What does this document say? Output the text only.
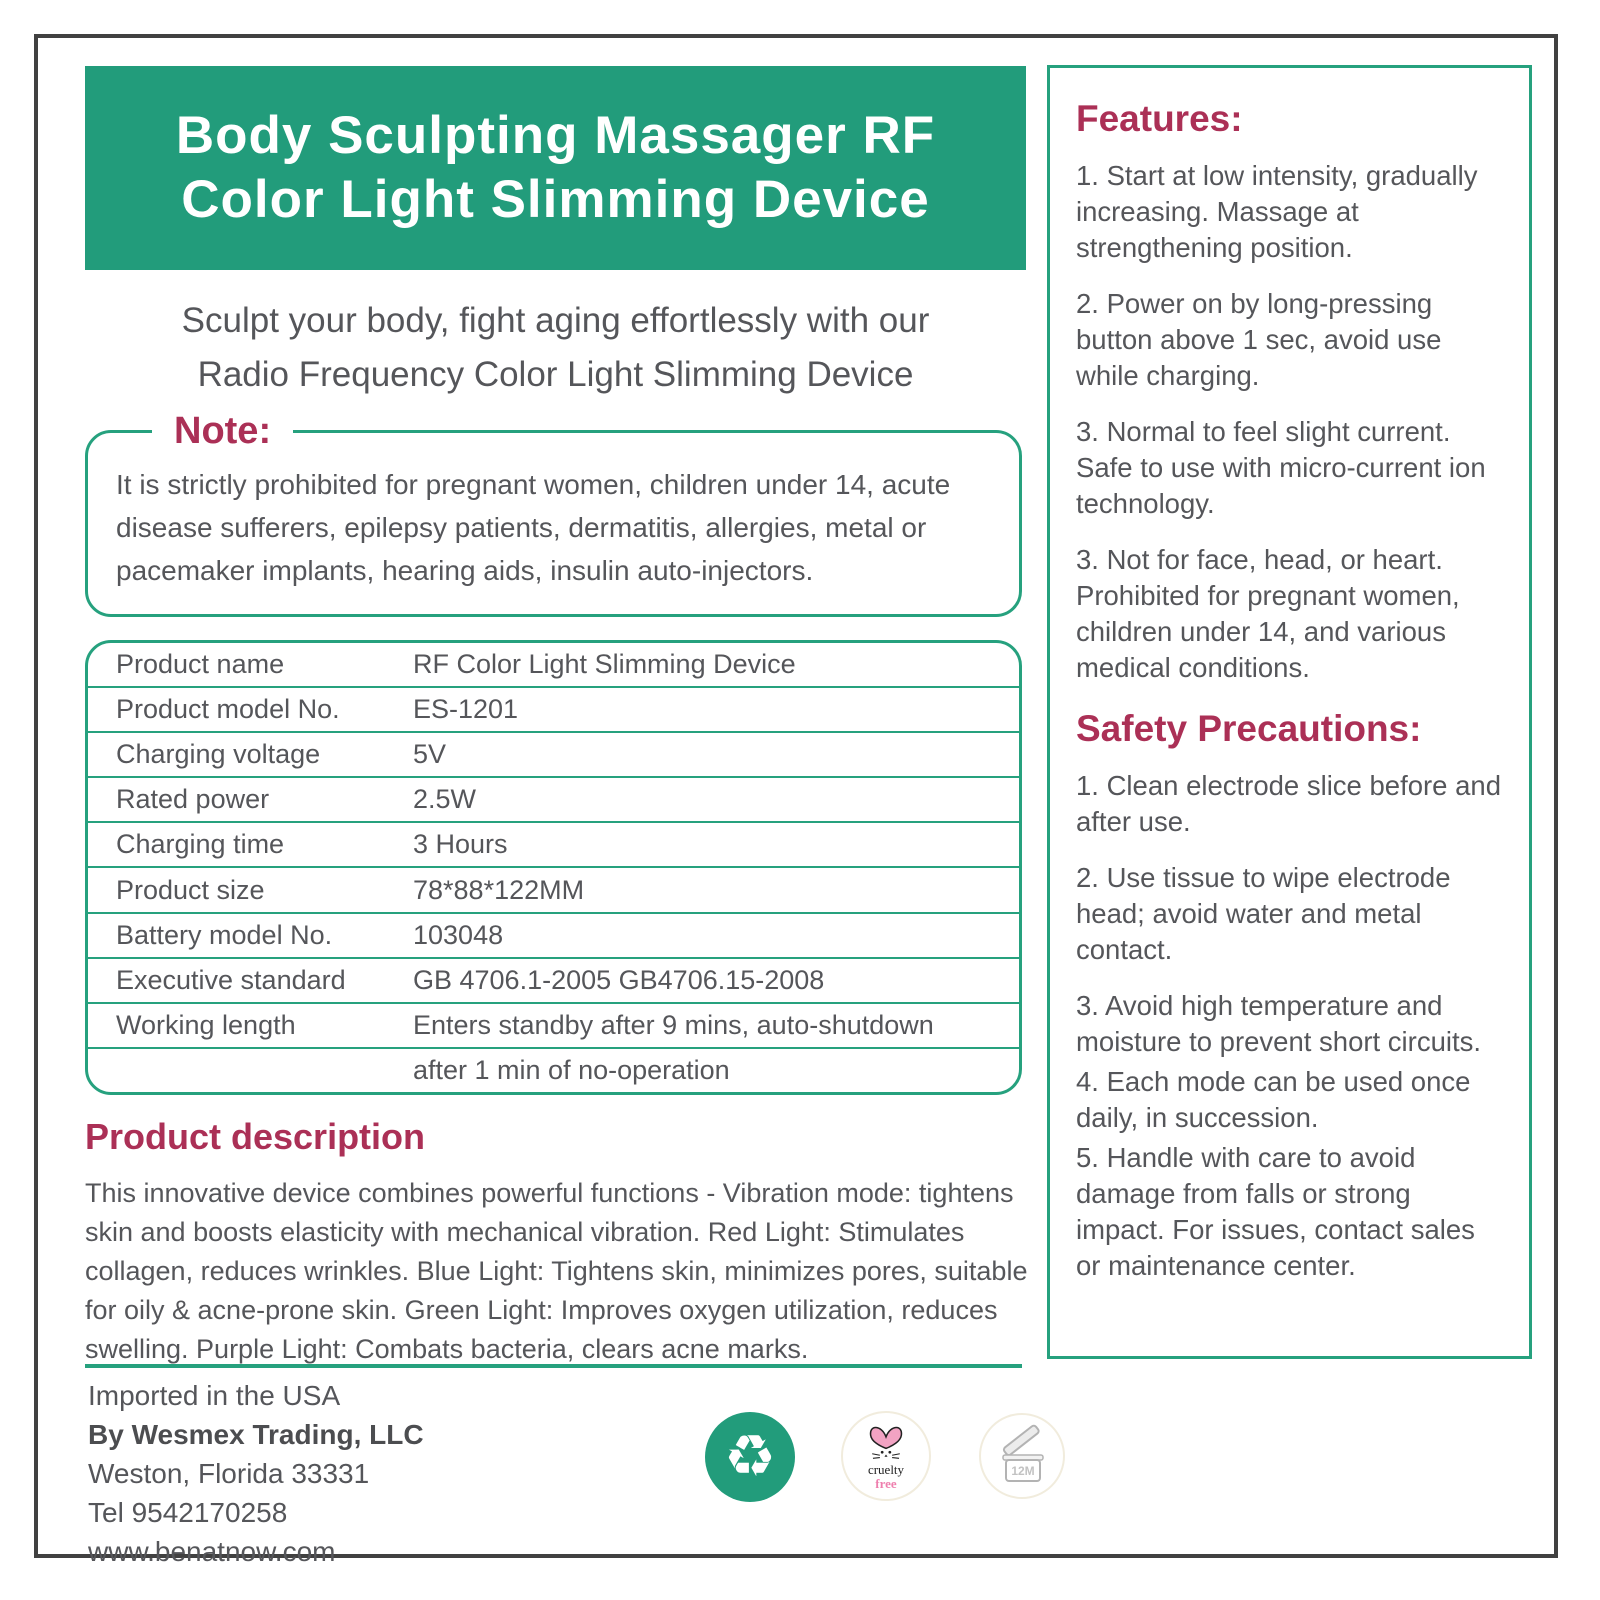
Body Sculpting Massager RF
Color Light Slimming Device
Sculpt your body, fight aging effortlessly with our
Radio Frequency Color Light Slimming Device
Note:

It is strictly prohibited for pregnant women, children under 14, acute disease sufferers, epilepsy patients, dermatitis, allergies, metal or pacemaker implants, hearing aids, insulin auto-injectors.

Product name	RF Color Light Slimming Device
Product model No.	ES-1201
Charging voltage	5V
Rated power	2.5W
Charging time	3 Hours
Product size	78*88*122MM
Battery model No.	103048
Executive standard	GB 4706.1-2005 GB4706.15-2008
Working length	Enters standby after 9 mins, auto-shutdown
after 1 min of no-operation
Product description

This innovative device combines powerful functions - Vibration mode: tightens skin and boosts elasticity with mechanical vibration. Red Light: Stimulates collagen, reduces wrinkles. Blue Light: Tightens skin, minimizes pores, suitable for oily & acne-prone skin. Green Light: Improves oxygen utilization, reduces swelling. Purple Light: Combats bacteria, clears acne marks.

Imported in the USA
By Wesmex Trading, LLC
Weston, Florida 33331
Tel 9542170258
www.benatnow.com
♻	cruelty
free
12M
Features:

1. Start at low intensity, gradually increasing. Massage at strengthening position.

2. Power on by long-pressing button above 1 sec, avoid use while charging.

3. Normal to feel slight current. Safe to use with micro-current ion technology.

3. Not for face, head, or heart. Prohibited for pregnant women, children under 14, and various medical conditions.

Safety Precautions:

1. Clean electrode slice before and after use.

2. Use tissue to wipe electrode head; avoid water and metal contact.

3. Avoid high temperature and moisture to prevent short circuits.

4. Each mode can be used once daily, in succession.

5. Handle with care to avoid damage from falls or strong impact. For issues, contact sales or maintenance center.
